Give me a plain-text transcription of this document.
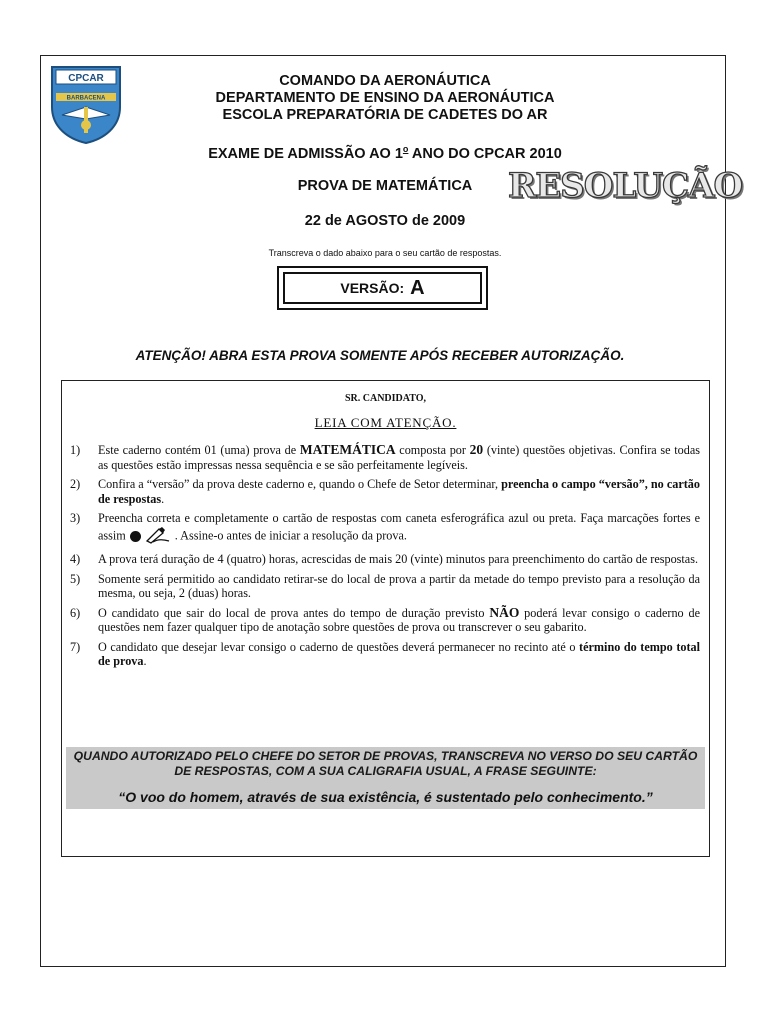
CPCAR
BARBACENA
COMANDO DA AERONÁUTICA
DEPARTAMENTO DE ENSINO DA AERONÁUTICA
ESCOLA PREPARATÓRIA DE CADETES DO AR
EXAME DE ADMISSÃO AO 1$^o$ ANO DO CPCAR 2010
PROVA DE MATEMÁTICA	RESOLUÇÃO
22 de AGOSTO de 2009
Transcreva o dado abaixo para o seu cartão de respostas.
VERSÃO: A
ATENÇÃO! ABRA ESTA PROVA SOMENTE APÓS RECEBER AUTORIZAÇÃO.
SR. CANDIDATO,
LEIA COM ATENÇÃO.
1)	Este caderno contém 01 (uma) prova de MATEMÁTICA composta por 20 (vinte) questões objetivas. Confira se todas as questões estão impressas nessa sequência e se são perfeitamente legíveis.
2)	Confira a “versão” da prova deste caderno e, quando o Chefe de Setor determinar, preencha o campo “versão”, no cartão de respostas.
3)	Preencha correta e completamente o cartão de respostas com caneta esferográfica azul ou preta. Faça marcações fortes e assim	. Assine-o antes de iniciar a resolução da prova.
4)	A prova terá duração de 4 (quatro) horas, acrescidas de mais 20 (vinte) minutos para preenchimento do cartão de respostas.
5)	Somente será permitido ao candidato retirar-se do local de prova a partir da metade do tempo previsto para a resolução da mesma, ou seja, 2 (duas) horas.
6)	O candidato que sair do local de prova antes do tempo de duração previsto NÃO poderá levar consigo o caderno de questões nem fazer qualquer tipo de anotação sobre questões de prova ou transcrever o seu gabarito.
7)	O candidato que desejar levar consigo o caderno de questões deverá permanecer no recinto até o término do tempo total de prova.
QUANDO AUTORIZADO PELO CHEFE DO SETOR DE PROVAS, TRANSCREVA NO VERSO DO SEU CARTÃO DE RESPOSTAS, COM A SUA CALIGRAFIA USUAL, A FRASE SEGUINTE:
“O voo do homem, através de sua existência, é sustentado pelo conhecimento.”
